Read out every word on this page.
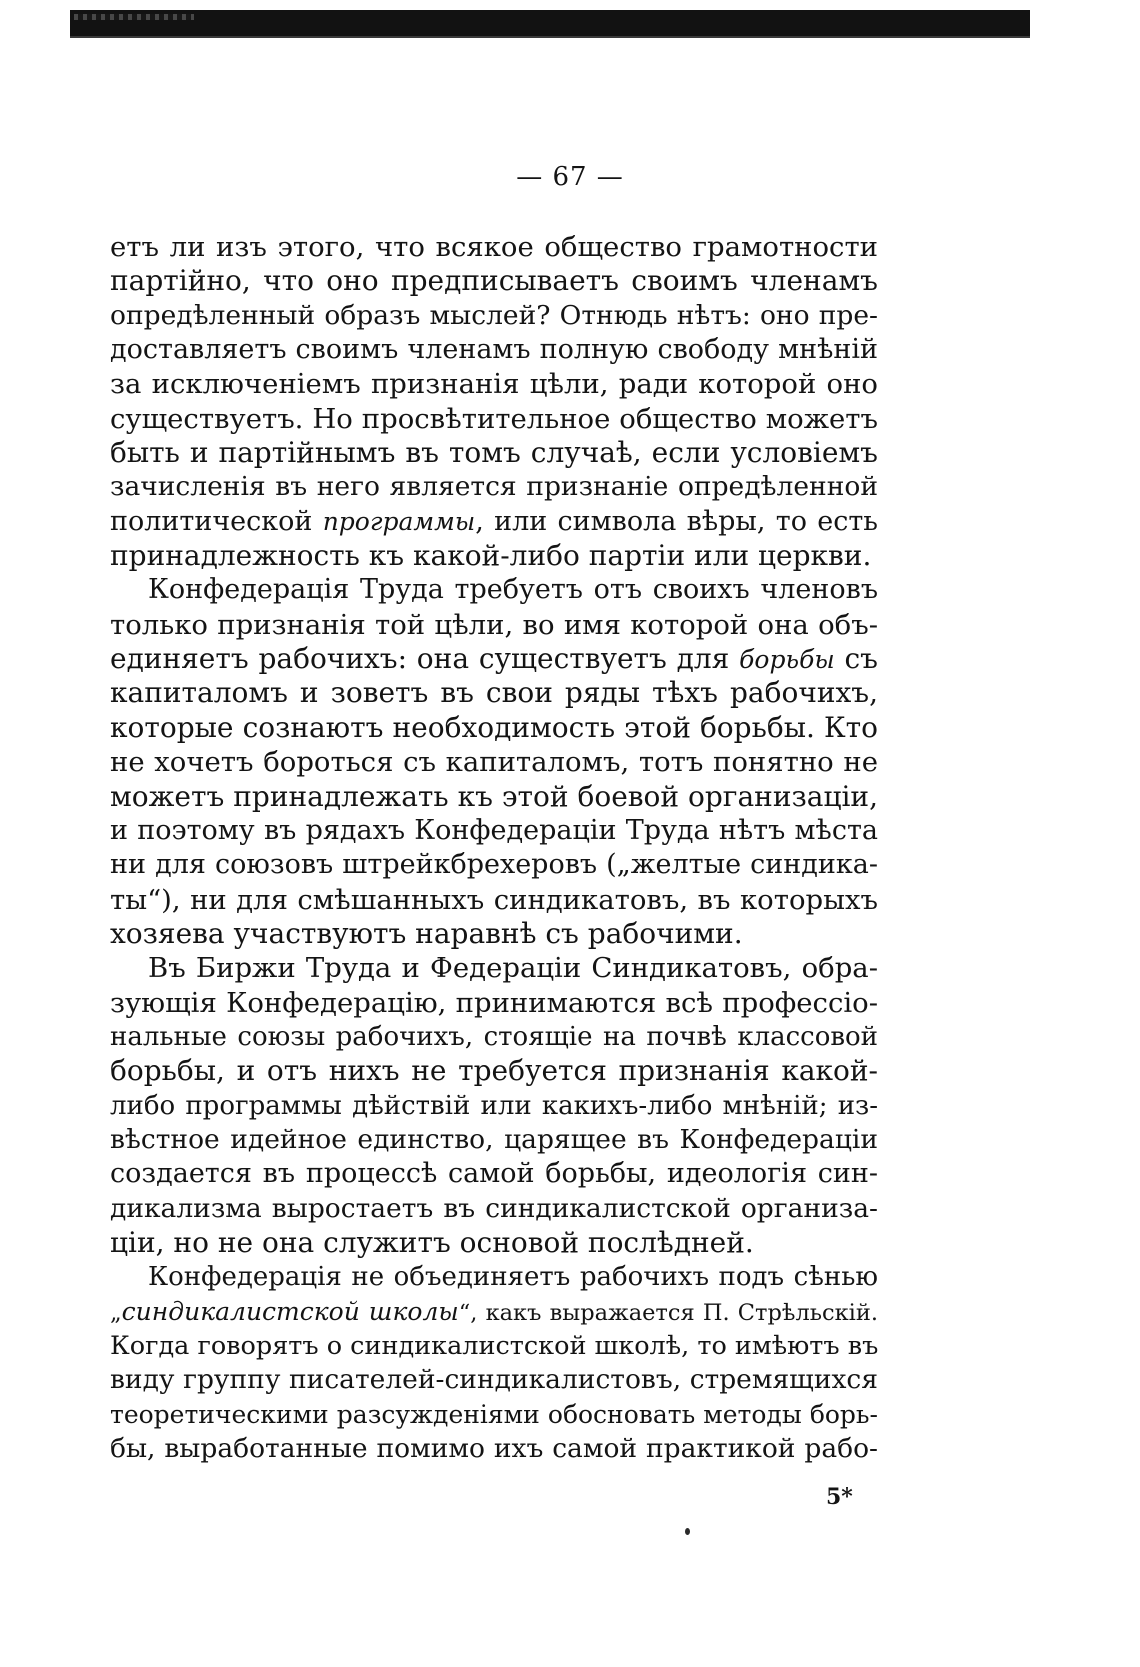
— 67 —
етъ ли изъ этого, что всякое общество грамотности
партійно, что оно предписываетъ своимъ членамъ
опредѣленный образъ мыслей? Отнюдь нѣтъ: оно пре-
доставляетъ своимъ членамъ полную свободу мнѣній
за исключеніемъ признанія цѣли, ради которой оно
существуетъ. Но просвѣтительное общество можетъ
быть и партійнымъ въ томъ случаѣ, если условіемъ
зачисленія въ него является признаніе опредѣленной
политической программы, или символа вѣры, то есть
принадлежность къ какой-либо партіи или церкви.
Конфедерація Труда требуетъ отъ своихъ членовъ
только признанія той цѣли, во имя которой она объ-
единяетъ рабочихъ: она существуетъ для борьбы съ
капиталомъ и зоветъ въ свои ряды тѣхъ рабочихъ,
которые сознаютъ необходимость этой борьбы. Кто
не хочетъ бороться съ капиталомъ, тотъ понятно не
можетъ принадлежать къ этой боевой организаціи,
и поэтому въ рядахъ Конфедераціи Труда нѣтъ мѣста
ни для союзовъ штрейкбрехеровъ („желтые синдика-
ты“), ни для смѣшанныхъ синдикатовъ, въ которыхъ
хозяева участвуютъ наравнѣ съ рабочими.
Въ Биржи Труда и Федераціи Синдикатовъ, обра-
зующія Конфедерацію, принимаются всѣ профессіо-
нальные союзы рабочихъ, стоящіе на почвѣ классовой
борьбы, и отъ нихъ не требуется признанія какой-
либо программы дѣйствій или какихъ-либо мнѣній; из-
вѣстное идейное единство, царящее въ Конфедераціи
создается въ процессѣ самой борьбы, идеологія син-
дикализма выростаетъ въ синдикалистской организа-
ціи, но не она служитъ основой послѣдней.
Конфедерація не объединяетъ рабочихъ подъ сѣнью
„синдикалистской школы“, какъ выражается П. Стрѣльскій.
Когда говорятъ о синдикалистской школѣ, то имѣютъ въ
виду группу писателей-синдикалистовъ, стремящихся
теоретическими разсужденіями обосновать методы борь-
бы, выработанные помимо ихъ самой практикой рабо-
5*
